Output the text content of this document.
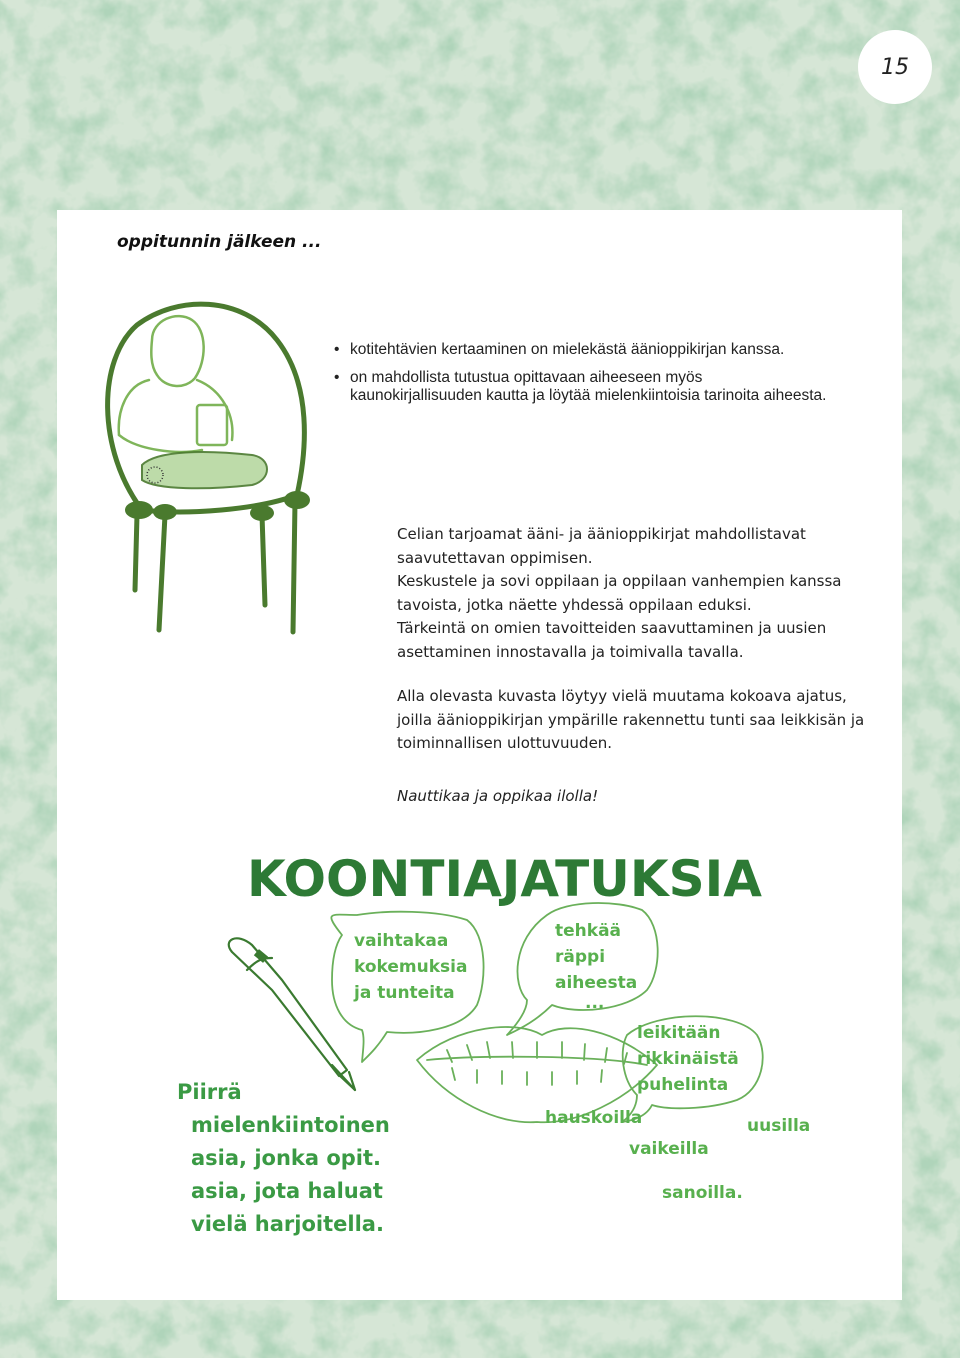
15
oppitunnin jälkeen ...
• kotitehtävien kertaaminen on mielekästä äänioppikirjan kanssa.
• on mahdollista tutustua opittavaan aiheeseen myös kaunokirjallisuuden kautta ja löytää mielenkiintoisia tarinoita aiheesta.

Celian tarjoamat ääni- ja äänioppikirjat mahdollistavat saavutettavan oppimisen.

Keskustele ja sovi oppilaan ja oppilaan vanhempien kanssa tavoista, jotka näette yhdessä oppilaan eduksi.

Tärkeintä on omien tavoitteiden saavuttaminen ja uusien asettaminen innostavalla ja toimivalla tavalla.

Alla olevasta kuvasta löytyy vielä muutama kokoava ajatus, joilla äänioppikirjan ympärille rakennettu tunti saa leikkisän ja toiminnallisen ulottuvuuden.

Nauttikaa ja oppikaa ilolla!

KOONTIAJATUKSIA
vaihtakaa
kokemuksia
ja tunteita
tehkää
räppi
aiheesta
...
leikitään
rikkinäistä
puhelinta
Piirrä
mielenkiintoinen
asia, jonka opit.
asia, jota haluat
vielä harjoitella.
hauskoilla	uusilla
vaikeilla
sanoilla.
